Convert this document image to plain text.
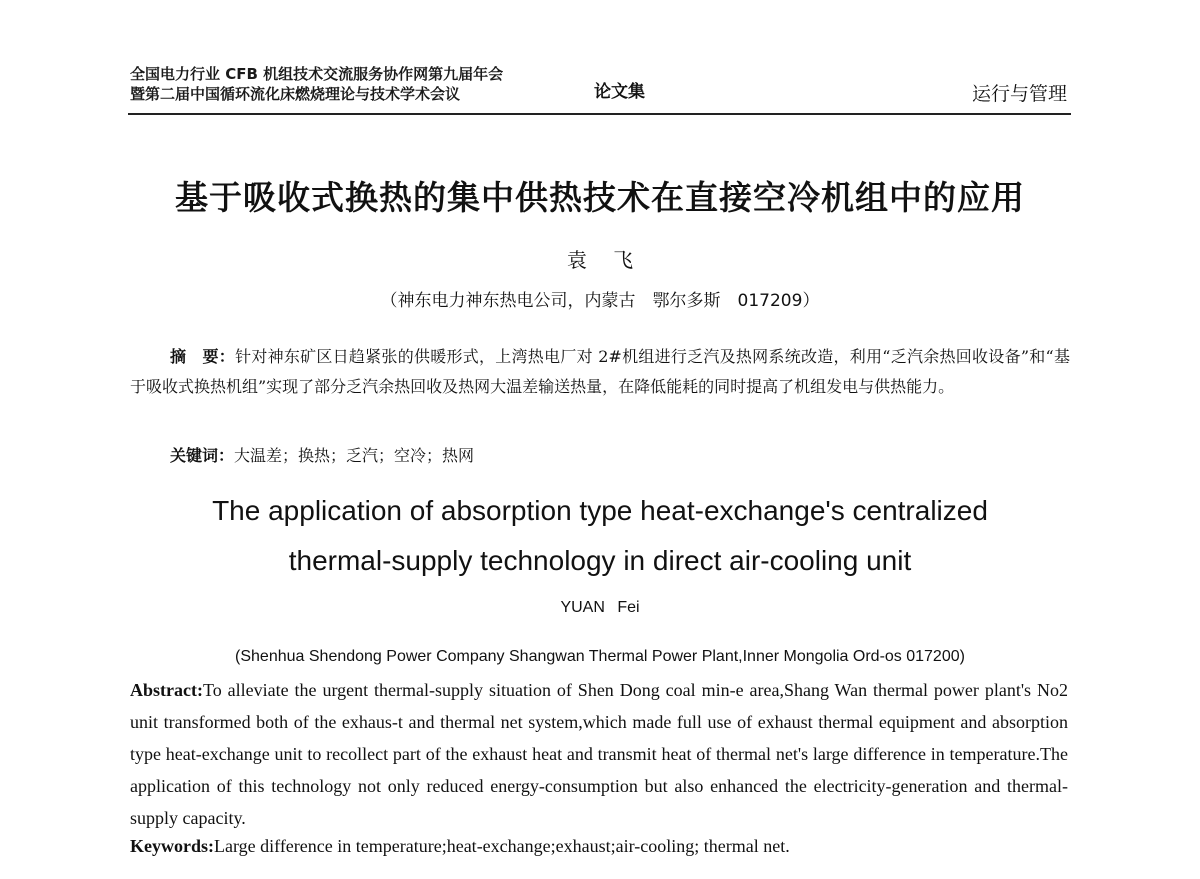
全国电力行业 CFB 机组技术交流服务协作网第九届年会
暨第二届中国循环流化床燃烧理论与技术学术会议	论文集	运行与管理
基于吸收式换热的集中供热技术在直接空冷机组中的应用
袁 飞
（神东电力神东热电公司，内蒙古　鄂尔多斯　017209）
摘　要：针对神东矿区日趋紧张的供暖形式，上湾热电厂对 2#机组进行乏汽及热网系统改造，利用“乏汽余热回收设备”和“基于吸收式换热机组”实现了部分乏汽余热回收及热网大温差输送热量，在降低能耗的同时提高了机组发电与供热能力。
关键词：大温差；换热；乏汽；空冷；热网
The application of absorption type heat-exchange's centralized
thermal-supply technology in direct air-cooling unit
YUAN Fei
(Shenhua Shendong Power Company Shangwan Thermal Power Plant,Inner Mongolia Ord-os 017200)
Abstract:To alleviate the urgent thermal-supply situation of Shen Dong coal min-e area,Shang Wan thermal power plant's No2 unit transformed both of the exhaus-t and thermal net system,which made full use of exhaust thermal equipment and absorption type heat-exchange unit to recollect part of the exhaust heat and transmit heat of thermal net's large difference in temperature.The application of this technology not only reduced energy-consumption but also enhanced the electricity-generation and thermal-supply capacity.
Keywords:Large difference in temperature;heat-exchange;exhaust;air-cooling; thermal net.
